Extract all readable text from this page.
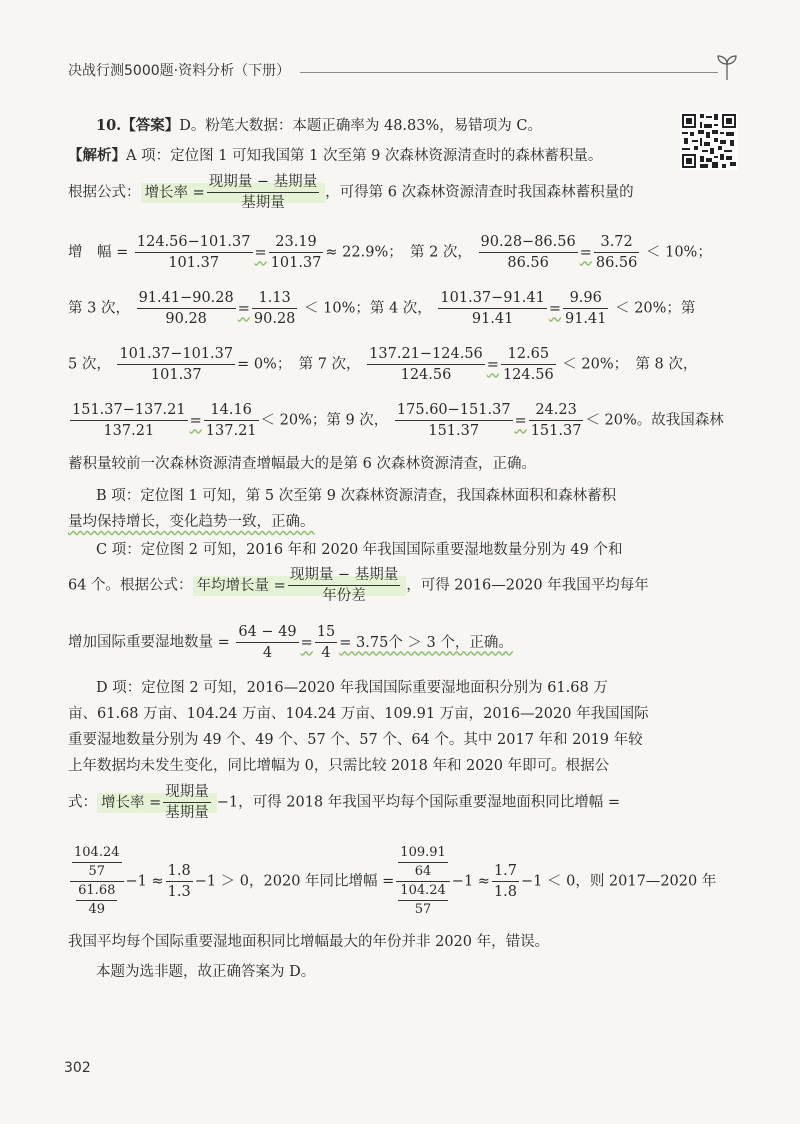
决战行测5000题·资料分析（下册）
10.【答案】D。粉笔大数据：本题正确率为 48.83%，易错项为 C。
【解析】A 项：定位图 1 可知我国第 1 次至第 9 次森林资源清查时的森林蓄积量。
根据公式： 增长率 = $\frac{\text{现期量 − 基期量}}{\text{基期量}}$ ，可得第 6 次森林资源清查时我国森林蓄积量的
增　幅 = $\frac{124.56-101.37}{101.37} = \frac{23.19}{101.37} \approx 22.9\%$；　第 2 次， $\frac{90.28-86.56}{86.56} = \frac{3.72}{86.56} < 10\%$；
第 3 次， $\frac{91.41-90.28}{90.28} = \frac{1.13}{90.28} < 10\%$；第 4 次， $\frac{101.37-91.41}{91.41} = \frac{9.96}{91.41} < 20\%$；第
5 次， $\frac{101.37-101.37}{101.37} = 0\%$；　第 7 次， $\frac{137.21-124.56}{124.56} = \frac{12.65}{124.56} < 20\%$；　第 8 次，
$\frac{151.37-137.21}{137.21} = \frac{14.16}{137.21} < 20\%$；第 9 次， $\frac{175.60-151.37}{151.37} = \frac{24.23}{151.37} < 20\%$。故我国森林
蓄积量较前一次森林资源清查增幅最大的是第 6 次森林资源清查，正确。
B 项：定位图 1 可知，第 5 次至第 9 次森林资源清查，我国森林面积和森林蓄积
量均保持增长，变化趋势一致，正确。
C 项：定位图 2 可知，2016 年和 2020 年我国国际重要湿地数量分别为 49 个和
64 个。根据公式： 年均增长量 = $\frac{\text{现期量 − 基期量}}{\text{年份差}}$ ，可得 2016—2020 年我国平均每年
增加国际重要湿地数量 = $\frac{64 - 49}{4} = \frac{15}{4} = 3.75$个 ＞ 3 个，正确。
D 项：定位图 2 可知，2016—2020 年我国国际重要湿地面积分别为 61.68 万
亩、61.68 万亩、104.24 万亩、104.24 万亩、109.91 万亩，2016—2020 年我国国际
重要湿地数量分别为 49 个、49 个、57 个、57 个、64 个。其中 2017 年和 2019 年较
上年数据均未发生变化，同比增幅为 0，只需比较 2018 年和 2020 年即可。根据公
式： 增长率 = $\frac{\text{现期量}}{\text{基期量}} -1$，可得 2018 年我国平均每个国际重要湿地面积同比增幅 =
$\frac{\frac{104.24}{57}}{\frac{61.68}{49}} -1 \approx \frac{1.8}{1.3} -1 > 0$，2020 年同比增幅 = $\frac{\frac{109.91}{64}}{\frac{104.24}{57}} -1 \approx \frac{1.7}{1.8} -1 < 0$，则 2017—2020 年
我国平均每个国际重要湿地面积同比增幅最大的年份并非 2020 年，错误。
本题为选非题，故正确答案为 D。
302
